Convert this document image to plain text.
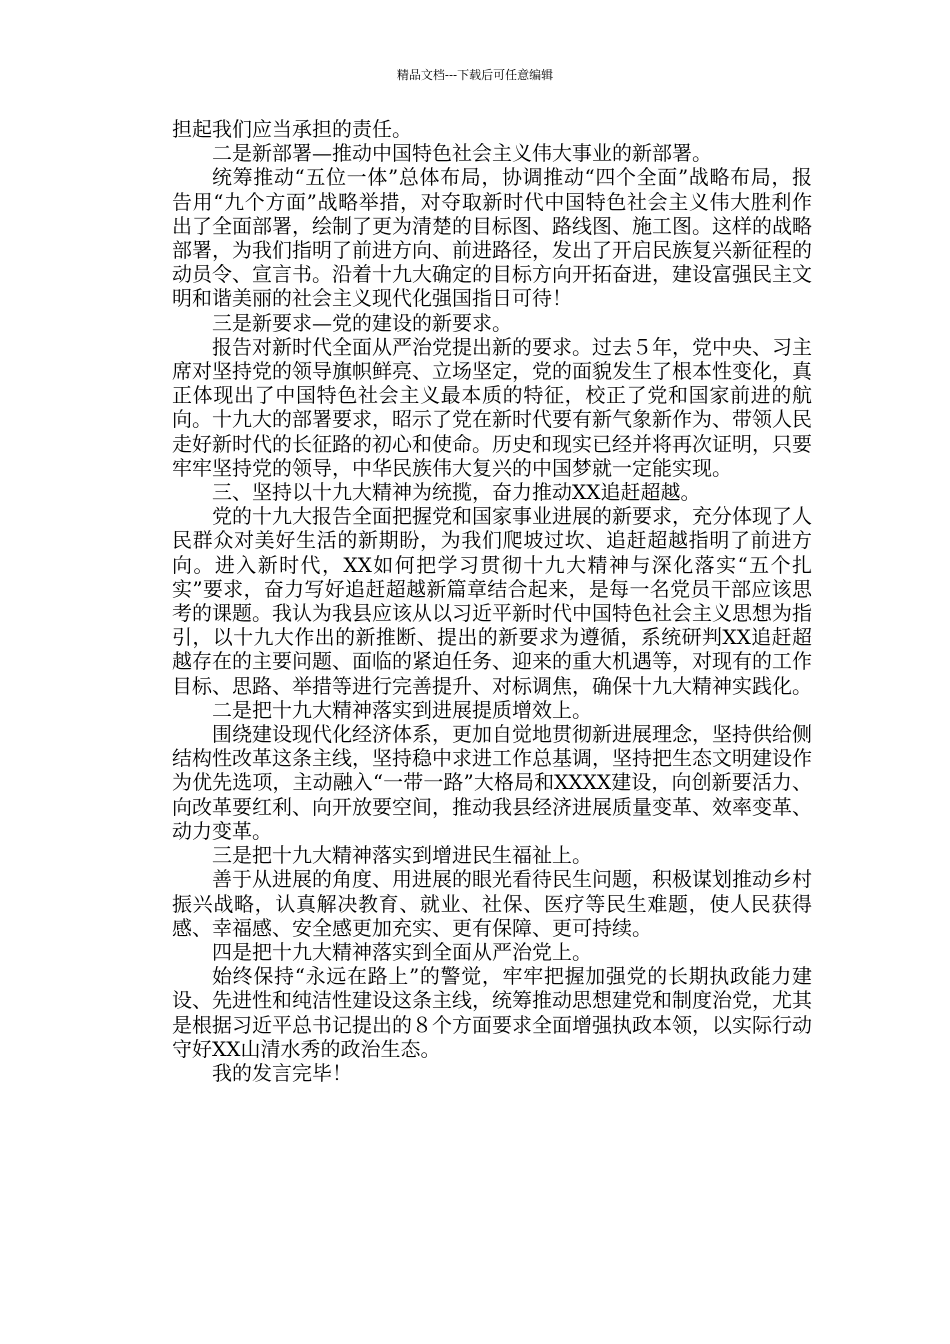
精品文档---下载后可任意编辑

担起我们应当承担的责任。

二是新部署—推动中国特色社会主义伟大事业的新部署。

统筹推动“五位一体”总体布局，协调推动“四个全面”战略布局，报告用“九个方面”战略举措，对夺取新时代中国特色社会主义伟大胜利作出了全面部署，绘制了更为清楚的目标图、路线图、施工图。这样的战略部署，为我们指明了前进方向、前进路径，发出了开启民族复兴新征程的动员令、宣言书。沿着十九大确定的目标方向开拓奋进，建设富强民主文明和谐美丽的社会主义现代化强国指日可待！

三是新要求—党的建设的新要求。

报告对新时代全面从严治党提出新的要求。过去５年，党中央、习主席对坚持党的领导旗帜鲜亮、立场坚定，党的面貌发生了根本性变化，真正体现出了中国特色社会主义最本质的特征，校正了党和国家前进的航向。十九大的部署要求，昭示了党在新时代要有新气象新作为、带领人民走好新时代的长征路的初心和使命。历史和现实已经并将再次证明，只要牢牢坚持党的领导，中华民族伟大复兴的中国梦就一定能实现。

三、坚持以十九大精神为统揽，奋力推动XX追赶超越。

党的十九大报告全面把握党和国家事业进展的新要求，充分体现了人民群众对美好生活的新期盼，为我们爬坡过坎、追赶超越指明了前进方向。进入新时代，XX如何把学习贯彻十九大精神与深化落实“五个扎实”要求，奋力写好追赶超越新篇章结合起来，是每一名党员干部应该思考的课题。我认为我县应该从以习近平新时代中国特色社会主义思想为指引，以十九大作出的新推断、提出的新要求为遵循，系统研判XX追赶超越存在的主要问题、面临的紧迫任务、迎来的重大机遇等，对现有的工作目标、思路、举措等进行完善提升、对标调焦，确保十九大精神实践化。

二是把十九大精神落实到进展提质增效上。

围绕建设现代化经济体系，更加自觉地贯彻新进展理念，坚持供给侧结构性改革这条主线，坚持稳中求进工作总基调，坚持把生态文明建设作为优先选项，主动融入“一带一路”大格局和XXXX建设，向创新要活力、向改革要红利、向开放要空间，推动我县经济进展质量变革、效率变革、动力变革。

三是把十九大精神落实到增进民生福祉上。

善于从进展的角度、用进展的眼光看待民生问题，积极谋划推动乡村振兴战略，认真解决教育、就业、社保、医疗等民生难题，使人民获得感、幸福感、安全感更加充实、更有保障、更可持续。

四是把十九大精神落实到全面从严治党上。

始终保持“永远在路上”的警觉，牢牢把握加强党的长期执政能力建设、先进性和纯洁性建设这条主线，统筹推动思想建党和制度治党，尤其是根据习近平总书记提出的８个方面要求全面增强执政本领，以实际行动守好XX山清水秀的政治生态。

我的发言完毕！
